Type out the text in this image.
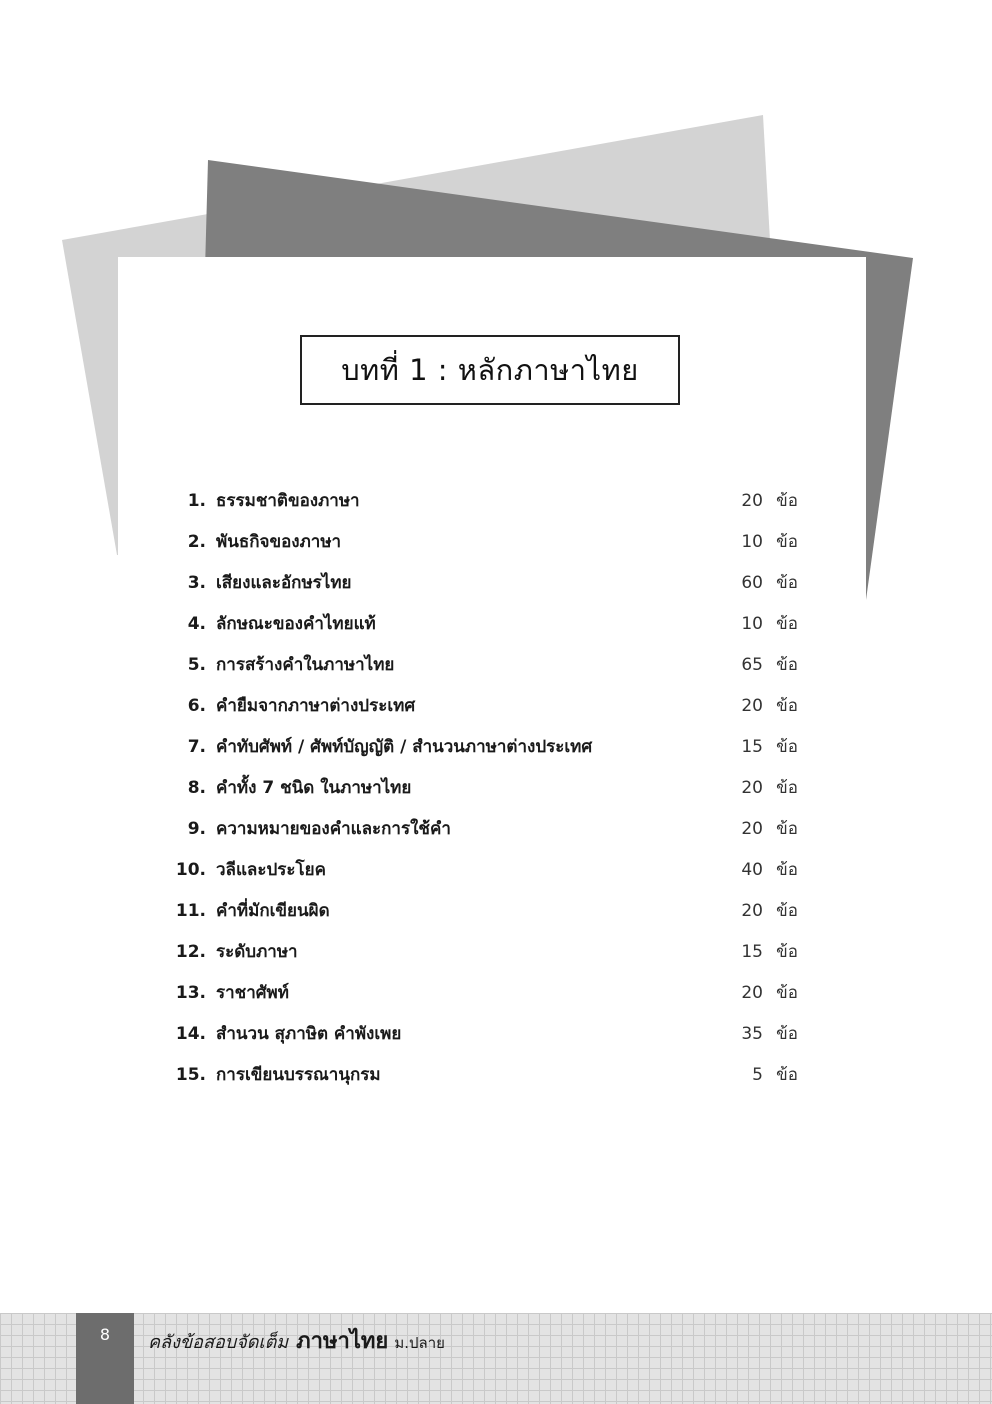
บทที่ 1 : หลักภาษาไทย
1. ธรรมชาติของภาษา	20 ข้อ
2. พันธกิจของภาษา	10 ข้อ
3. เสียงและอักษรไทย	60 ข้อ
4. ลักษณะของคำไทยแท้	10 ข้อ
5. การสร้างคำในภาษาไทย	65 ข้อ
6. คำยืมจากภาษาต่างประเทศ	20 ข้อ
7. คำทับศัพท์ / ศัพท์บัญญัติ / สำนวนภาษาต่างประเทศ	15 ข้อ
8. คำทั้ง 7 ชนิด ในภาษาไทย	20 ข้อ
9. ความหมายของคำและการใช้คำ	20 ข้อ
10. วลีและประโยค	40 ข้อ
11. คำที่มักเขียนผิด	20 ข้อ
12. ระดับภาษา	15 ข้อ
13. ราชาศัพท์	20 ข้อ
14. สำนวน สุภาษิต คำพังเพย	35 ข้อ
15. การเขียนบรรณานุกรม	5 ข้อ
8	คลังข้อสอบจัดเต็ม ภาษาไทย ม.ปลาย
